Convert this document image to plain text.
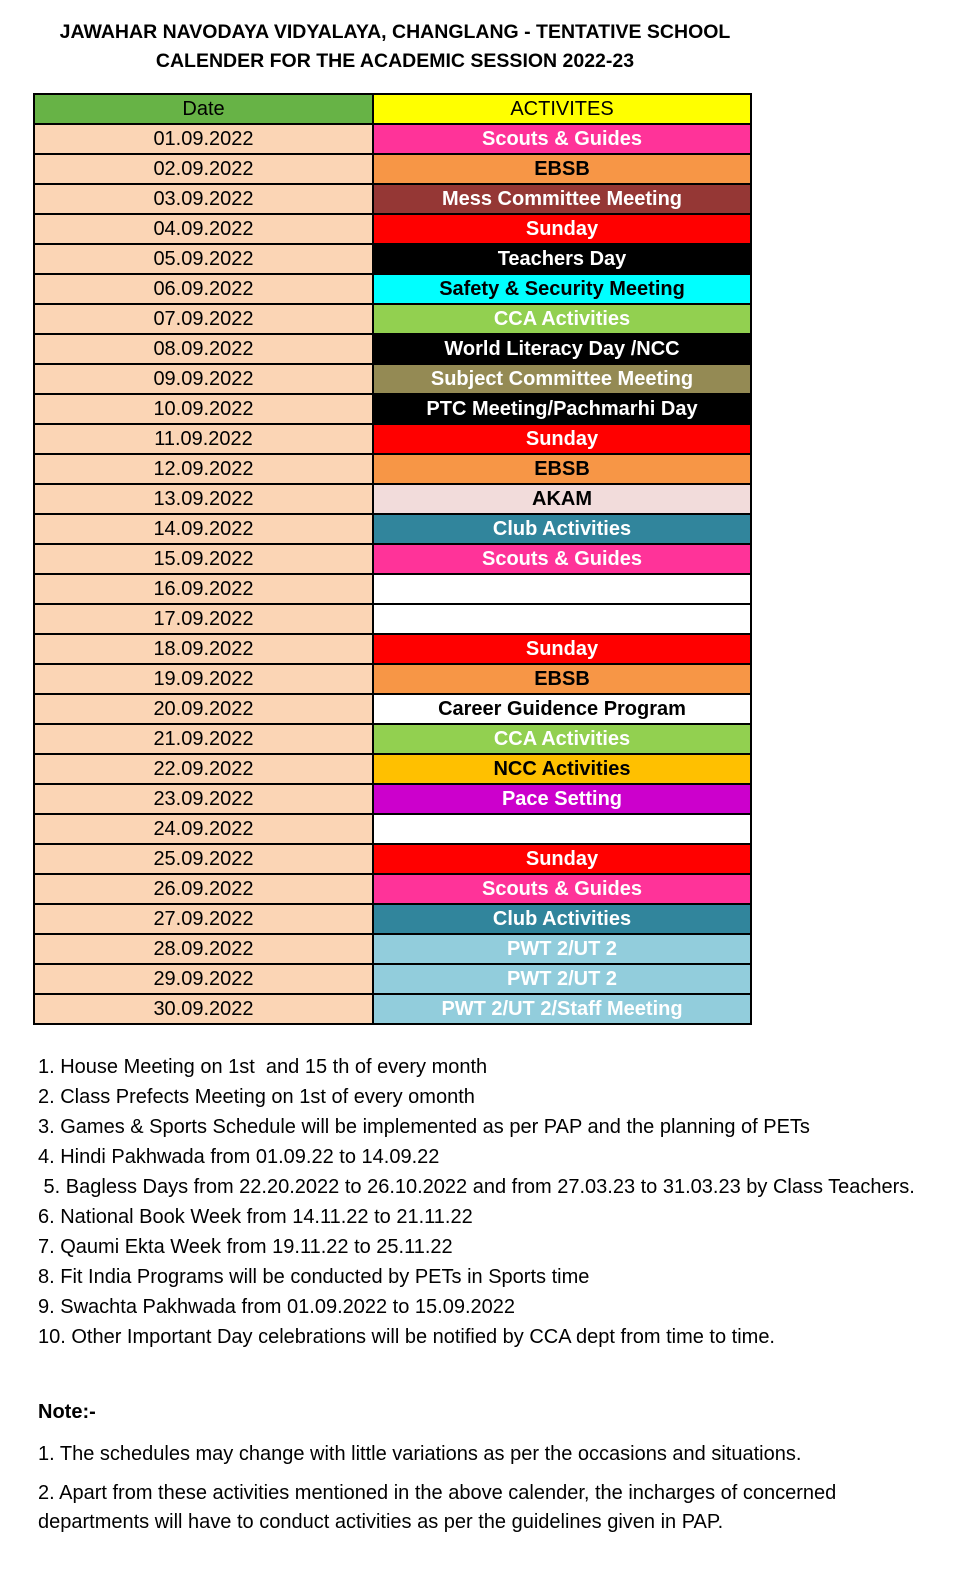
JAWAHAR NAVODAYA VIDYALAYA, CHANGLANG - TENTATIVE SCHOOL
CALENDER FOR THE ACADEMIC SESSION 2022-23
Date	ACTIVITES
01.09.2022	Scouts & Guides
02.09.2022	EBSB
03.09.2022	Mess Committee Meeting
04.09.2022	Sunday
05.09.2022	Teachers Day
06.09.2022	Safety & Security Meeting
07.09.2022	CCA Activities
08.09.2022	World Literacy Day /NCC
09.09.2022	Subject Committee Meeting
10.09.2022	PTC Meeting/Pachmarhi Day
11.09.2022	Sunday
12.09.2022	EBSB
13.09.2022	AKAM
14.09.2022	Club Activities
15.09.2022	Scouts & Guides
16.09.2022	
17.09.2022	
18.09.2022	Sunday
19.09.2022	EBSB
20.09.2022	Career Guidence Program
21.09.2022	CCA Activities
22.09.2022	NCC Activities
23.09.2022	Pace Setting
24.09.2022	
25.09.2022	Sunday
26.09.2022	Scouts & Guides
27.09.2022	Club Activities
28.09.2022	PWT 2/UT 2
29.09.2022	PWT 2/UT 2
30.09.2022	PWT 2/UT 2/Staff Meeting
1. House Meeting on 1st  and 15 th of every month
2. Class Prefects Meeting on 1st of every omonth
3. Games & Sports Schedule will be implemented as per PAP and the planning of PETs
4. Hindi Pakhwada from 01.09.22 to 14.09.22
5. Bagless Days from 22.20.2022 to 26.10.2022 and from 27.03.23 to 31.03.23 by Class Teachers.
6. National Book Week from 14.11.22 to 21.11.22
7. Qaumi Ekta Week from 19.11.22 to 25.11.22
8. Fit India Programs will be conducted by PETs in Sports time
9. Swachta Pakhwada from 01.09.2022 to 15.09.2022
10. Other Important Day celebrations will be notified by CCA dept from time to time.
Note:-
1. The schedules may change with little variations as per the occasions and situations.
2. Apart from these activities mentioned in the above calender, the incharges of concerned departments will have to conduct activities as per the guidelines given in PAP.
